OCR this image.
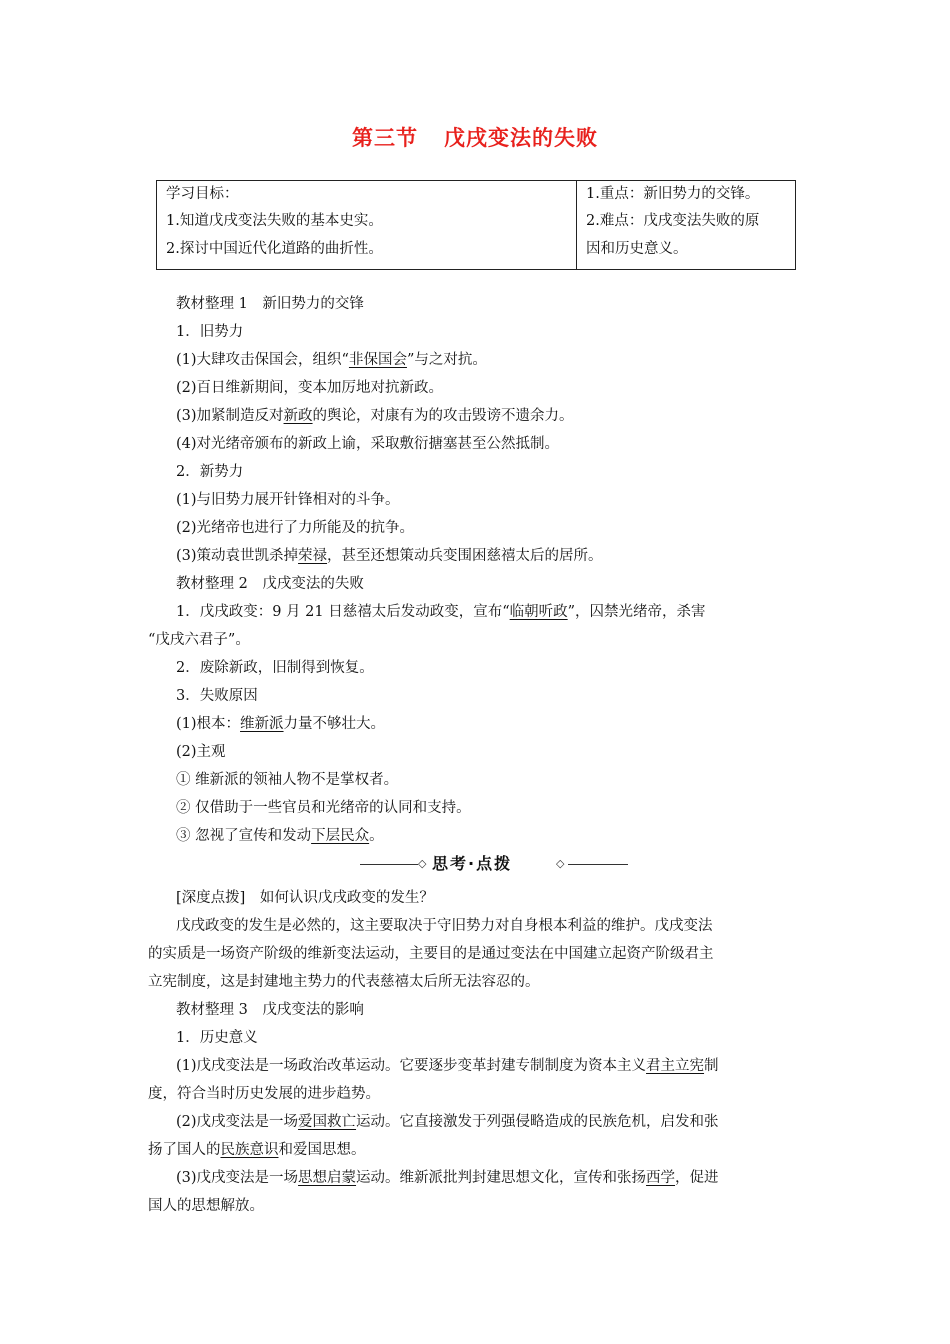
第三节 戊戌变法的失败
学习目标：
1.知道戊戌变法失败的基本史实。
2.探讨中国近代化道路的曲折性。
1.重点：新旧势力的交锋。
2.难点：戊戌变法失败的原
因和历史意义。
教材整理 1　新旧势力的交锋
1．旧势力
(1)大肆攻击保国会，组织“非保国会”与之对抗。
(2)百日维新期间，变本加厉地对抗新政。
(3)加紧制造反对新政的舆论，对康有为的攻击毁谤不遗余力。
(4)对光绪帝颁布的新政上谕，采取敷衍搪塞甚至公然抵制。
2．新势力
(1)与旧势力展开针锋相对的斗争。
(2)光绪帝也进行了力所能及的抗争。
(3)策动袁世凯杀掉荣禄，甚至还想策动兵变围困慈禧太后的居所。
教材整理 2　戊戌变法的失败
1．戊戌政变：9 月 21 日慈禧太后发动政变，宣布“临朝听政”，囚禁光绪帝，杀害
“戊戌六君子”。
2．废除新政，旧制得到恢复。
3．失败原因
(1)根本：维新派力量不够壮大。
(2)主观
① 维新派的领袖人物不是掌权者。
② 仅借助于一些官员和光绪帝的认同和支持。
③ 忽视了宣传和发动下层民众。
◇ 思考·点拨	◇
[深度点拨]　如何认识戊戌政变的发生？
戊戌政变的发生是必然的，这主要取决于守旧势力对自身根本利益的维护。戊戌变法
的实质是一场资产阶级的维新变法运动，主要目的是通过变法在中国建立起资产阶级君主
立宪制度，这是封建地主势力的代表慈禧太后所无法容忍的。
教材整理 3　戊戌变法的影响
1．历史意义
(1)戊戌变法是一场政治改革运动。它要逐步变革封建专制制度为资本主义君主立宪制
度，符合当时历史发展的进步趋势。
(2)戊戌变法是一场爱国救亡运动。它直接激发于列强侵略造成的民族危机，启发和张
扬了国人的民族意识和爱国思想。
(3)戊戌变法是一场思想启蒙运动。维新派批判封建思想文化，宣传和张扬西学，促进
国人的思想解放。
